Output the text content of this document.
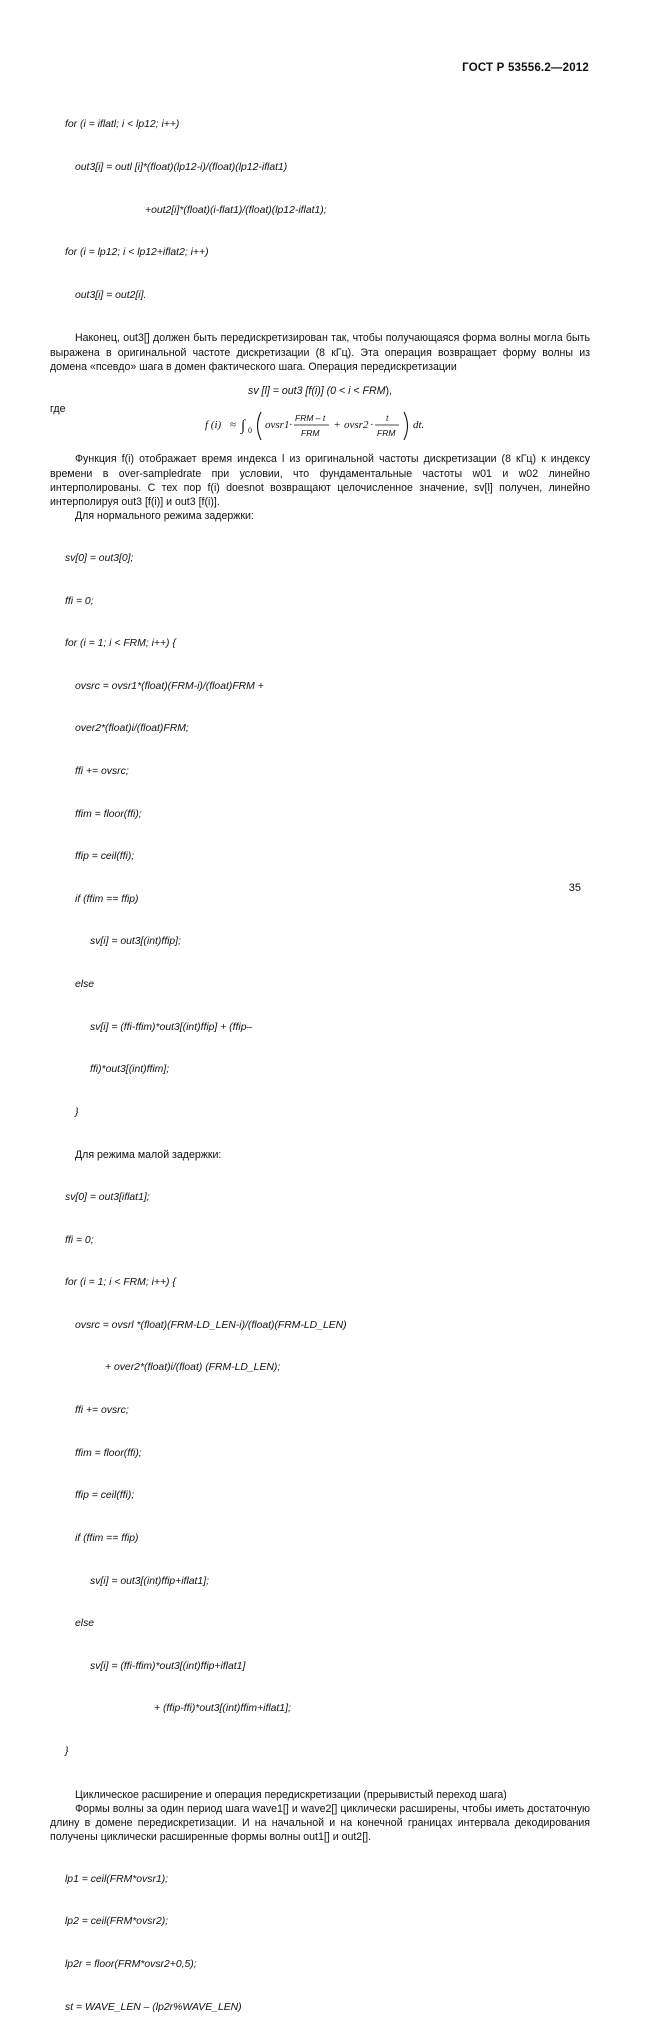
ГОСТ Р 53556.2—2012

for (i = iflatl; i < lp12; i++)

out3[i] = outl [i]*(float)(lp12-i)/(float)(lp12-iflat1)

+out2[i]*(float)(i-flat1)/(float)(lp12-iflat1);

for (i = lp12; i < lp12+iflat2; i++)

out3[i] = out2[i].

Наконец, out3[] должен быть передискретизирован так, чтобы получающаяся форма волны могла быть выражена в оригинальной частоте дискретизации (8 кГц). Эта операция возвращает форму волны из домена «псевдо» шага в домен фактического шага. Операция передискретизации

sv [l] = out3 [f(i)] (0 < i < FRM),

где

f (i) ≈ ∫ 0 ovsr1 ·
FRM – t
FRM
+ ovsr2 ·
t
FRM
dt.

Функция f(i) отображает время индекса l из оригинальной частоты дискретизации (8 кГц) к индексу времени в over-sampledrate при условии, что фундаментальные частоты w01 и w02 линейно интерполированы. С тех пор f(i) doesnot возвращают целочисленное значение, sv[l] получен, линейно интерполируя out3 [f(i)] и out3 [f(i)].

Для нормального режима задержки:

sv[0] = out3[0];

ffi = 0;

for (i = 1; i < FRM; i++) {

ovsrc = ovsr1*(float)(FRM-i)/(float)FRM +

over2*(float)i/(float)FRM;

ffi += ovsrc;

ffim = floor(ffi);

ffip = ceil(ffi);

if (ffim == ffip)

sv[i] = out3[(int)ffip];

else

sv[i] = (ffi-ffim)*out3[(int)ffip] + (ffip–

ffi)*out3[(int)ffim];

}

Для режима малой задержки:

sv[0] = out3[iflat1];

ffi = 0;

for (i = 1; i < FRM; i++) {

ovsrc = ovsrl *(float)(FRM-LD_LEN-i)/(float)(FRM-LD_LEN)

+ over2*(float)i/(float) (FRM-LD_LEN);

ffi += ovsrc;

ffim = floor(ffi);

ffip = ceil(ffi);

if (ffim == ffip)

sv[i] = out3[(int)ffip+iflat1];

else

sv[i] = (ffi-ffim)*out3[(int)ffip+iflat1]

+ (ffip-ffi)*out3[(int)ffim+iflat1];

}

Циклическое расширение и операция передискретизации (прерывистый переход шага)

Формы волны за один период шага wave1[] и wave2[] циклически расширены, чтобы иметь достаточную длину в домене передискретизации. И на начальной и на конечной границах интервала декодирования получены циклически расширенные формы волны out1[] и out2[].

lp1 = ceil(FRM*ovsr1);

lp2 = ceil(FRM*ovsr2);

lp2r = floor(FRM*ovsr2+0,5);

st = WAVE_LEN – (lp2r%WAVE_LEN)

35
